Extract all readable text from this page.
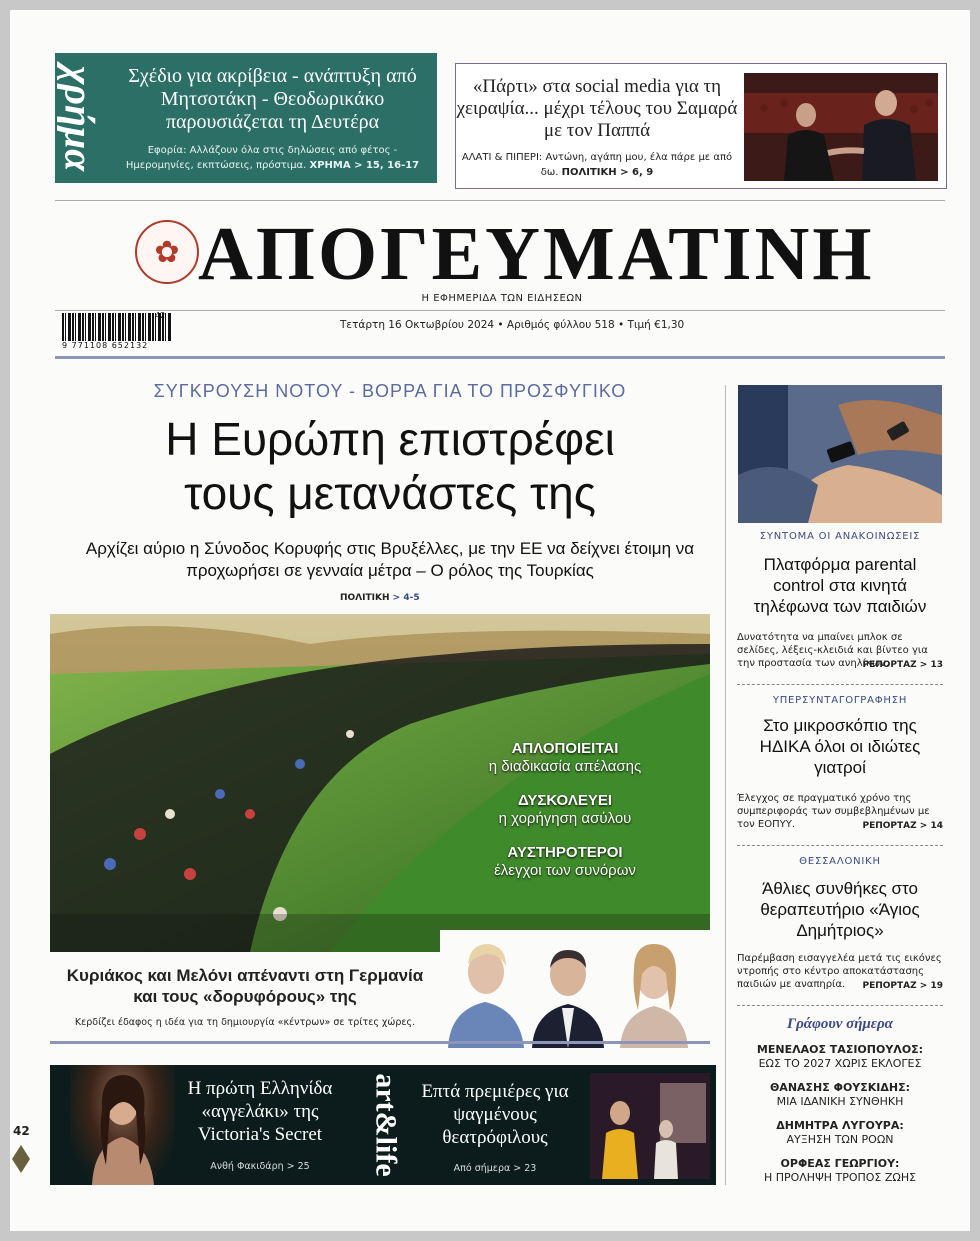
χρήμα	Σχέδιο για ακρίβεια - ανάπτυξη από Μητσοτάκη - Θεοδωρικάκο παρουσιάζεται τη Δευτέρα
Εφορία: Αλλάζουν όλα στις δηλώσεις από φέτος - Ημερομηνίες, εκπτώσεις, πρόστιμα. ΧΡΗΜΑ > 15, 16-17
«Πάρτι» στα social media για τη χειραψία... μέχρι τέλους του Σαμαρά με τον Παππά
ΑΛΑΤΙ & ΠΙΠΕΡΙ: Αντώνη, αγάπη μου, έλα πάρε με από δω. ΠΟΛΙΤΙΚΗ > 6, 9
✿ ΑΠΟΓΕΥΜΑΤΙΝΗ
Η ΕΦΗΜΕΡΙΔΑ ΤΩΝ ΕΙΔΗΣΕΩΝ
42
9 771108 652132
Τετάρτη 16 Οκτωβρίου 2024 • Αριθμός φύλλου 518 • Τιμή €1,30
ΣΥΓΚΡΟΥΣΗ ΝΟΤΟΥ - ΒΟΡΡΑ ΓΙΑ ΤΟ ΠΡΟΣΦΥΓΙΚΟ
Η Ευρώπη επιστρέφει
τους μετανάστες της
Αρχίζει αύριο η Σύνοδος Κορυφής στις Βρυξέλλες, με την ΕΕ να δείχνει έτοιμη να προχωρήσει σε γενναία μέτρα – Ο ρόλος της Τουρκίας
ΠΟΛΙΤΙΚΗ > 4-5
ΑΠΛΟΠΟΙΕΙΤΑΙ
η διαδικασία απέλασης
ΔΥΣΚΟΛΕΥΕΙ
η χορήγηση ασύλου
ΑΥΣΤΗΡΟΤΕΡΟΙ
έλεγχοι των συνόρων
Κυριάκος και Μελόνι απέναντι στη Γερμανία και τους «δορυφόρους» της
Κερδίζει έδαφος η ιδέα για τη δημιουργία «κέντρων» σε τρίτες χώρες.
Η πρώτη Ελληνίδα «αγγελάκι» της Victoria's Secret
Ανθή Φακιδάρη > 25	art&life Επτά πρεμιέρες για ψαγμένους θεατρόφιλους
Από σήμερα > 23
42
ΣΥΝΤΟΜΑ ΟΙ ΑΝΑΚΟΙΝΩΣΕΙΣ
Πλατφόρμα parental control στα κινητά τηλέφωνα των παιδιών
Δυνατότητα να μπαίνει μπλοκ σε σελίδες, λέξεις-κλειδιά και βίντεο για την προστασία των ανηλίκων.
ΡΕΠΟΡΤΑΖ > 13
ΥΠΕΡΣΥΝΤΑΓΟΓΡΑΦΗΣΗ
Στο μικροσκόπιο της ΗΔΙΚΑ όλοι οι ιδιώτες γιατροί
Έλεγχος σε πραγματικό χρόνο της συμπεριφοράς των συμβεβλημένων με τον ΕΟΠΥΥ.	ΡΕΠΟΡΤΑΖ > 14
ΘΕΣΣΑΛΟΝΙΚΗ
Άθλιες συνθήκες στο θεραπευτήριο «Άγιος Δημήτριος»
Παρέμβαση εισαγγελέα μετά τις εικόνες ντροπής στο κέντρο αποκατάστασης παιδιών με αναπηρία.	ΡΕΠΟΡΤΑΖ > 19
Γράφουν σήμερα
ΜΕΝΕΛΑΟΣ ΤΑΣΙΟΠΟΥΛΟΣ:
ΕΩΣ ΤΟ 2027 ΧΩΡΙΣ ΕΚΛΟΓΕΣ
ΘΑΝΑΣΗΣ ΦΟΥΣΚΙΔΗΣ:
ΜΙΑ ΙΔΑΝΙΚΗ ΣΥΝΘΗΚΗ
ΔΗΜΗΤΡΑ ΛΥΓΟΥΡΑ:
ΑΥΞΗΣΗ ΤΩΝ ΡΟΩΝ
ΟΡΦΕΑΣ ΓΕΩΡΓΙΟΥ:
Η ΠΡΟΛΗΨΗ ΤΡΟΠΟΣ ΖΩΗΣ
